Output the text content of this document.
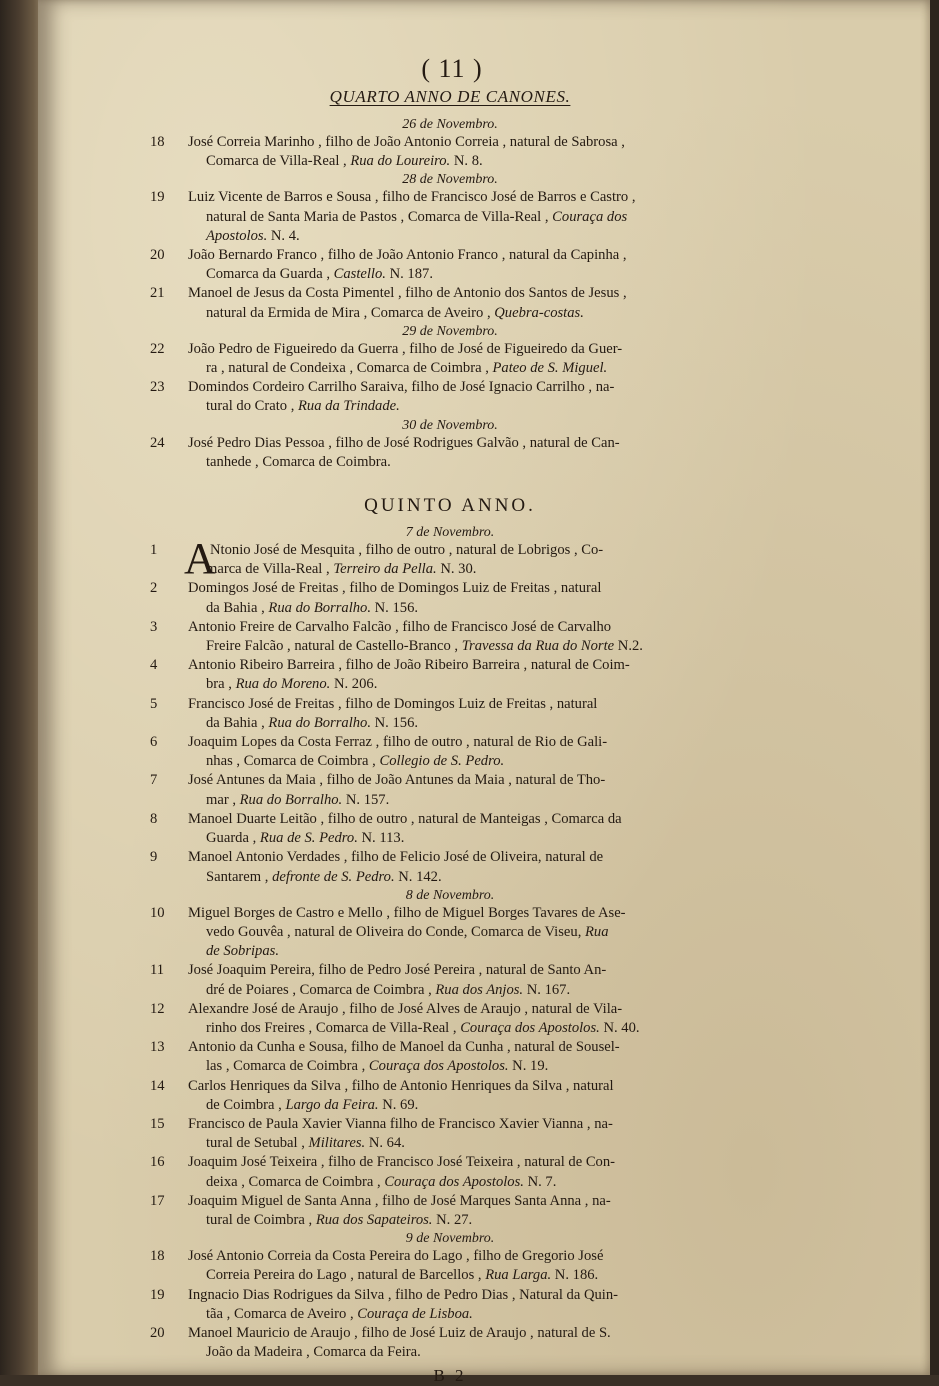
( 11 )
QUARTO ANNO DE CANONES.
26 de Novembro.
18	José Correia Marinho , filho de João Antonio Correia , natural de Sabrosa ,
Comarca de Villa-Real , Rua do Loureiro. N. 8.
28 de Novembro.
19	Luiz Vicente de Barros e Sousa , filho de Francisco José de Barros e Castro ,
natural de Santa Maria de Pastos , Comarca de Villa-Real , Couraça dos
Apostolos. N. 4.
20	João Bernardo Franco , filho de João Antonio Franco , natural da Capinha ,
Comarca da Guarda , Castello. N. 187.
21	Manoel de Jesus da Costa Pimentel , filho de Antonio dos Santos de Jesus ,
natural da Ermida de Mira , Comarca de Aveiro , Quebra-costas.
29 de Novembro.
22	João Pedro de Figueiredo da Guerra , filho de José de Figueiredo da Guer-
ra , natural de Condeixa , Comarca de Coimbra , Pateo de S. Miguel.
23	Domindos Cordeiro Carrilho Saraiva, filho de José Ignacio Carrilho , na-
tural do Crato , Rua da Trindade.
30 de Novembro.
24	José Pedro Dias Pessoa , filho de José Rodrigues Galvão , natural de Can-
tanhede , Comarca de Coimbra.
QUINTO ANNO.
7 de Novembro.
1 A
Ntonio José de Mesquita , filho de outro , natural de Lobrigos , Co-
marca de Villa-Real , Terreiro da Pella. N. 30.
2	Domingos José de Freitas , filho de Domingos Luiz de Freitas , natural
da Bahia , Rua do Borralho. N. 156.
3	Antonio Freire de Carvalho Falcão , filho de Francisco José de Carvalho
Freire Falcão , natural de Castello-Branco , Travessa da Rua do Norte N.2.
4	Antonio Ribeiro Barreira , filho de João Ribeiro Barreira , natural de Coim-
bra , Rua do Moreno. N. 206.
5	Francisco José de Freitas , filho de Domingos Luiz de Freitas , natural
da Bahia , Rua do Borralho. N. 156.
6	Joaquim Lopes da Costa Ferraz , filho de outro , natural de Rio de Gali-
nhas , Comarca de Coimbra , Collegio de S. Pedro.
7	José Antunes da Maia , filho de João Antunes da Maia , natural de Tho-
mar , Rua do Borralho. N. 157.
8	Manoel Duarte Leitão , filho de outro , natural de Manteigas , Comarca da
Guarda , Rua de S. Pedro. N. 113.
9	Manoel Antonio Verdades , filho de Felicio José de Oliveira, natural de
Santarem , defronte de S. Pedro. N. 142.
8 de Novembro.
10	Miguel Borges de Castro e Mello , filho de Miguel Borges Tavares de Ase-
vedo Gouvêa , natural de Oliveira do Conde, Comarca de Viseu, Rua
de Sobripas.
11	José Joaquim Pereira, filho de Pedro José Pereira , natural de Santo An-
dré de Poiares , Comarca de Coimbra , Rua dos Anjos. N. 167.
12	Alexandre José de Araujo , filho de José Alves de Araujo , natural de Vila-
rinho dos Freires , Comarca de Villa-Real , Couraça dos Apostolos. N. 40.
13	Antonio da Cunha e Sousa, filho de Manoel da Cunha , natural de Sousel-
las , Comarca de Coimbra , Couraça dos Apostolos. N. 19.
14	Carlos Henriques da Silva , filho de Antonio Henriques da Silva , natural
de Coimbra , Largo da Feira. N. 69.
15	Francisco de Paula Xavier Vianna filho de Francisco Xavier Vianna , na-
tural de Setubal , Militares. N. 64.
16	Joaquim José Teixeira , filho de Francisco José Teixeira , natural de Con-
deixa , Comarca de Coimbra , Couraça dos Apostolos. N. 7.
17	Joaquim Miguel de Santa Anna , filho de José Marques Santa Anna , na-
tural de Coimbra , Rua dos Sapateiros. N. 27.
9 de Novembro.
18	José Antonio Correia da Costa Pereira do Lago , filho de Gregorio José
Correia Pereira do Lago , natural de Barcellos , Rua Larga. N. 186.
19	Ingnacio Dias Rodrigues da Silva , filho de Pedro Dias , Natural da Quin-
tãa , Comarca de Aveiro , Couraça de Lisboa.
20	Manoel Mauricio de Araujo , filho de José Luiz de Araujo , natural de S.
João da Madeira , Comarca da Feira.
B 2
